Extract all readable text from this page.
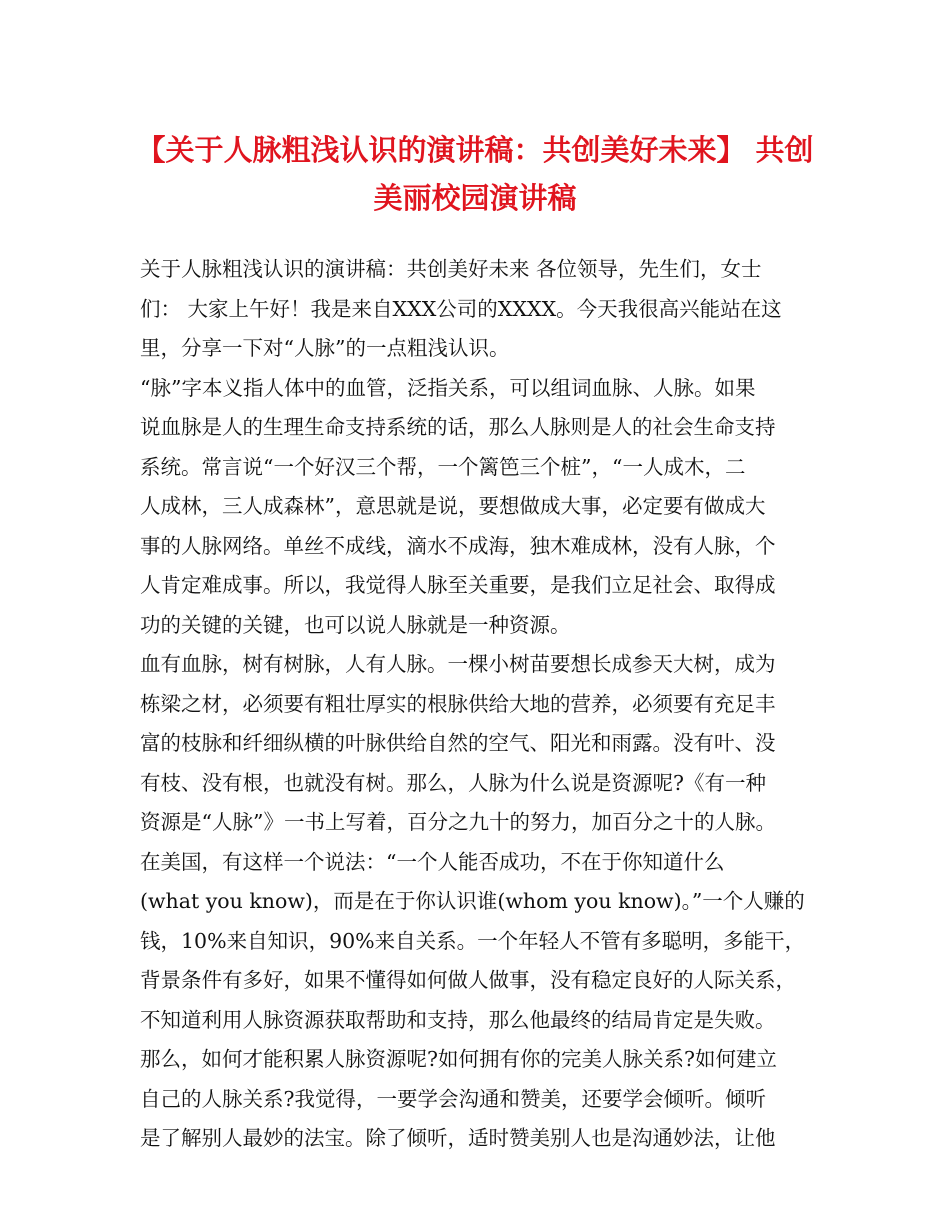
【关于人脉粗浅认识的演讲稿：共创美好未来】 共创
美丽校园演讲稿
关于人脉粗浅认识的演讲稿：共创美好未来 各位领导，先生们，女士
们： 大家上午好！我是来自XXX公司的XXXX。今天我很高兴能站在这
里，分享一下对“人脉”的一点粗浅认识。
“脉”字本义指人体中的血管，泛指关系，可以组词血脉、人脉。如果
说血脉是人的生理生命支持系统的话，那么人脉则是人的社会生命支持
系统。常言说“一个好汉三个帮，一个篱笆三个桩”，“一人成木，二
人成林，三人成森林”，意思就是说，要想做成大事，必定要有做成大
事的人脉网络。单丝不成线，滴水不成海，独木难成林，没有人脉，个
人肯定难成事。所以，我觉得人脉至关重要，是我们立足社会、取得成
功的关键的关键，也可以说人脉就是一种资源。
血有血脉，树有树脉，人有人脉。一棵小树苗要想长成参天大树，成为
栋梁之材，必须要有粗壮厚实的根脉供给大地的营养，必须要有充足丰
富的枝脉和纤细纵横的叶脉供给自然的空气、阳光和雨露。没有叶、没
有枝、没有根，也就没有树。那么，人脉为什么说是资源呢?《有一种
资源是“人脉”》一书上写着，百分之九十的努力，加百分之十的人脉。
在美国，有这样一个说法：“一个人能否成功，不在于你知道什么
(what you know)，而是在于你认识谁(whom you know)。”一个人赚的
钱，10%来自知识，90%来自关系。一个年轻人不管有多聪明，多能干，
背景条件有多好，如果不懂得如何做人做事，没有稳定良好的人际关系，
不知道利用人脉资源获取帮助和支持，那么他最终的结局肯定是失败。
那么，如何才能积累人脉资源呢?如何拥有你的完美人脉关系?如何建立
自己的人脉关系?我觉得，一要学会沟通和赞美，还要学会倾听。倾听
是了解别人最妙的法宝。除了倾听，适时赞美别人也是沟通妙法，让他
